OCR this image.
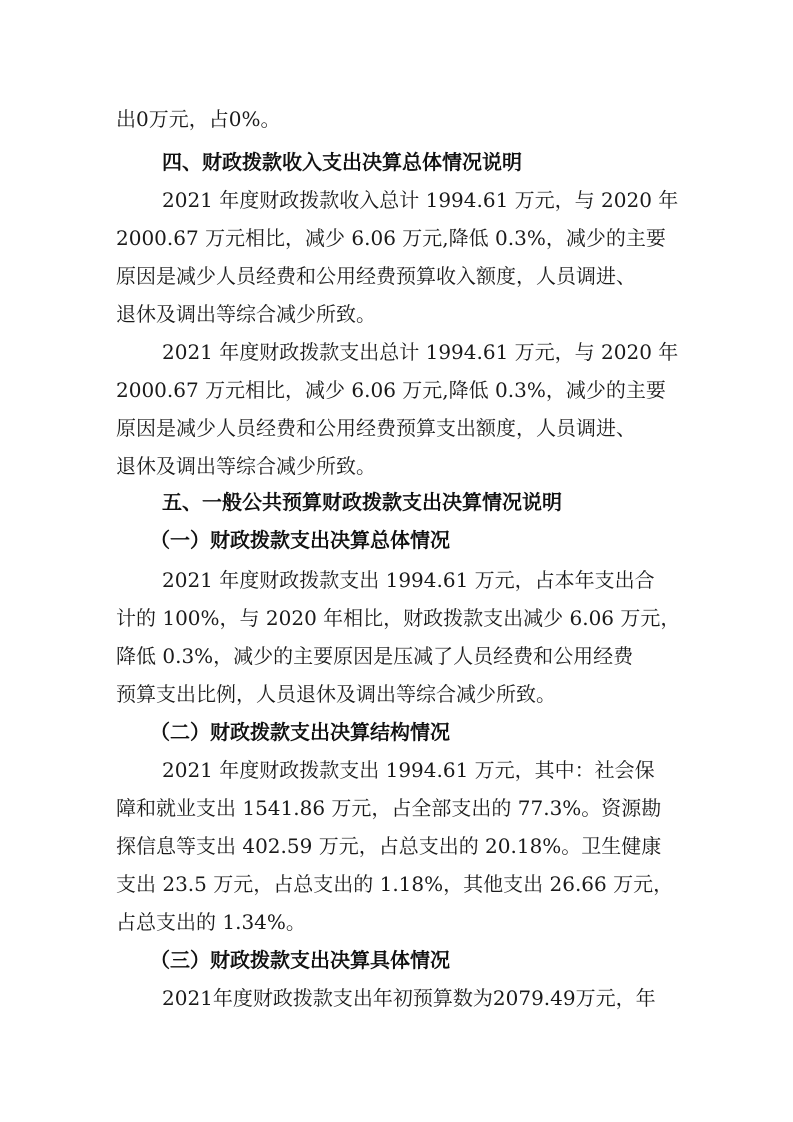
出0万元，占0%。
四、财政拨款收入支出决算总体情况说明
2021 年度财政拨款收入总计 1994.61 万元，与 2020 年
2000.67 万元相比，减少 6.06 万元,降低 0.3%，减少的主要
原因是减少人员经费和公用经费预算收入额度，人员调进、
退休及调出等综合减少所致。
2021 年度财政拨款支出总计 1994.61 万元，与 2020 年
2000.67 万元相比，减少 6.06 万元,降低 0.3%，减少的主要
原因是减少人员经费和公用经费预算支出额度，人员调进、
退休及调出等综合减少所致。
五、一般公共预算财政拨款支出决算情况说明
（一）财政拨款支出决算总体情况
2021 年度财政拨款支出 1994.61 万元，占本年支出合
计的 100%，与 2020 年相比，财政拨款支出减少 6.06 万元，
降低 0.3%，减少的主要原因是压减了人员经费和公用经费
预算支出比例，人员退休及调出等综合减少所致。
（二）财政拨款支出决算结构情况
2021 年度财政拨款支出 1994.61 万元，其中：社会保
障和就业支出 1541.86 万元，占全部支出的 77.3%。资源勘
探信息等支出 402.59 万元，占总支出的 20.18%。卫生健康
支出 23.5 万元，占总支出的 1.18%，其他支出 26.66 万元，
占总支出的 1.34%。
（三）财政拨款支出决算具体情况
2021年度财政拨款支出年初预算数为2079.49万元，年
